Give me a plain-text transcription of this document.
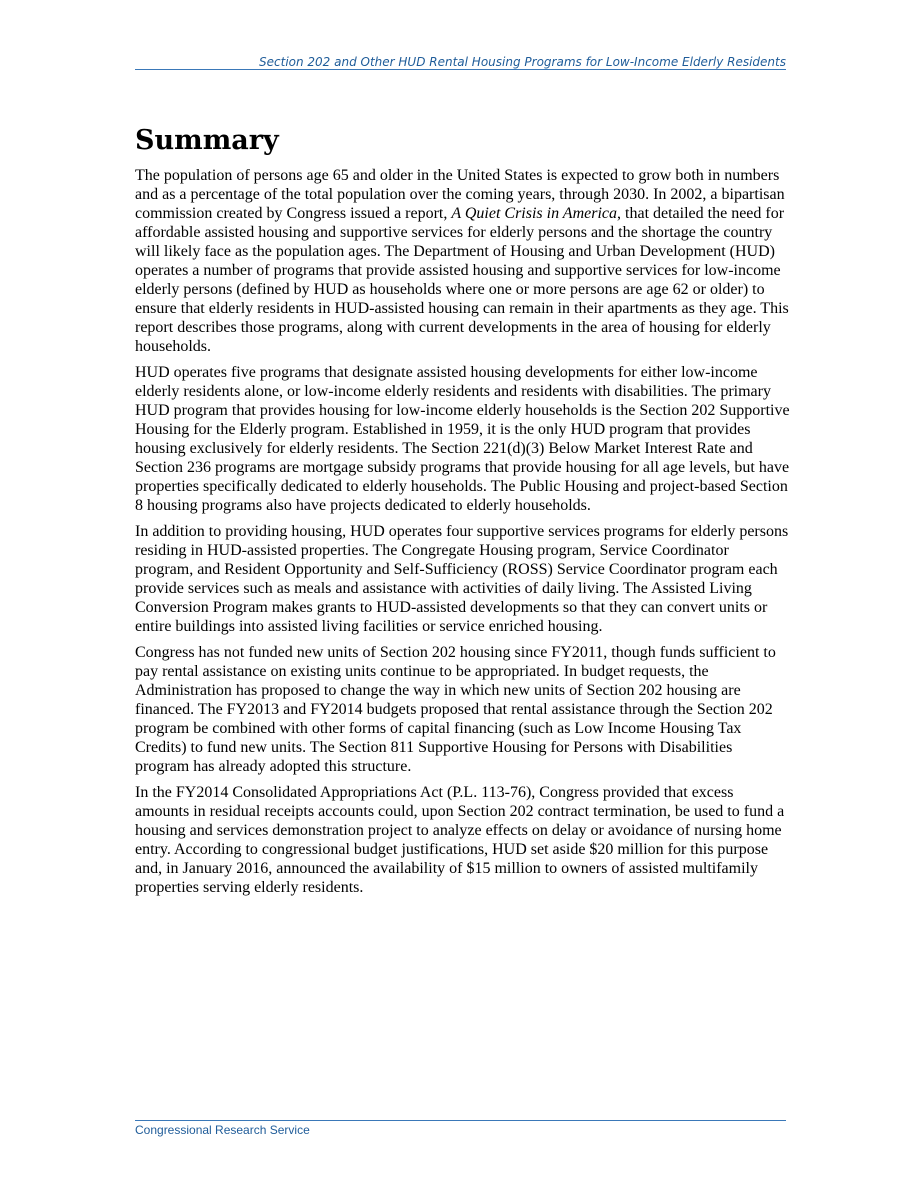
Section 202 and Other HUD Rental Housing Programs for Low-Income Elderly Residents
Summary

The population of persons age 65 and older in the United States is expected to grow both in numbers and as a percentage of the total population over the coming years, through 2030. In 2002, a bipartisan commission created by Congress issued a report, A Quiet Crisis in America, that detailed the need for affordable assisted housing and supportive services for elderly persons and the shortage the country will likely face as the population ages. The Department of Housing and Urban Development (HUD) operates a number of programs that provide assisted housing and supportive services for low-income elderly persons (defined by HUD as households where one or more persons are age 62 or older) to ensure that elderly residents in HUD-assisted housing can remain in their apartments as they age. This report describes those programs, along with current developments in the area of housing for elderly households.

HUD operates five programs that designate assisted housing developments for either low-income elderly residents alone, or low-income elderly residents and residents with disabilities. The primary HUD program that provides housing for low-income elderly households is the Section 202 Supportive Housing for the Elderly program. Established in 1959, it is the only HUD program that provides housing exclusively for elderly residents. The Section 221(d)(3) Below Market Interest Rate and Section 236 programs are mortgage subsidy programs that provide housing for all age levels, but have properties specifically dedicated to elderly households. The Public Housing and project-based Section 8 housing programs also have projects dedicated to elderly households.

In addition to providing housing, HUD operates four supportive services programs for elderly persons residing in HUD-assisted properties. The Congregate Housing program, Service Coordinator program, and Resident Opportunity and Self-Sufficiency (ROSS) Service Coordinator program each provide services such as meals and assistance with activities of daily living. The Assisted Living Conversion Program makes grants to HUD-assisted developments so that they can convert units or entire buildings into assisted living facilities or service enriched housing.

Congress has not funded new units of Section 202 housing since FY2011, though funds sufficient to pay rental assistance on existing units continue to be appropriated. In budget requests, the Administration has proposed to change the way in which new units of Section 202 housing are financed. The FY2013 and FY2014 budgets proposed that rental assistance through the Section 202 program be combined with other forms of capital financing (such as Low Income Housing Tax Credits) to fund new units. The Section 811 Supportive Housing for Persons with Disabilities program has already adopted this structure.

In the FY2014 Consolidated Appropriations Act (P.L. 113-76), Congress provided that excess amounts in residual receipts accounts could, upon Section 202 contract termination, be used to fund a housing and services demonstration project to analyze effects on delay or avoidance of nursing home entry. According to congressional budget justifications, HUD set aside $20 million for this purpose and, in January 2016, announced the availability of $15 million to owners of assisted multifamily properties serving elderly residents.

Congressional Research Service
